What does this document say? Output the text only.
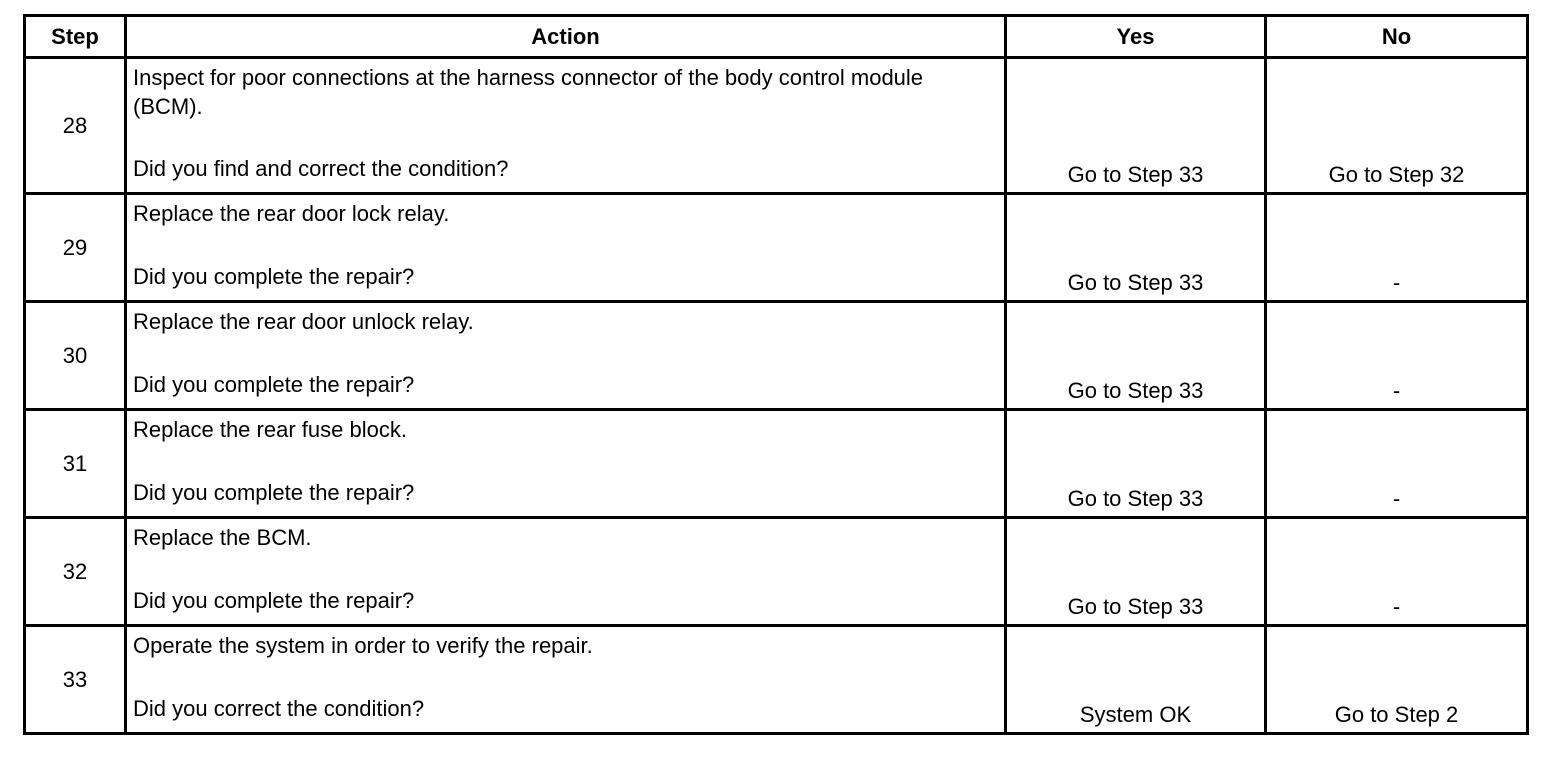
Step	Action	Yes	No
28	Inspect for poor connections at the harness connector of the body control module (BCM).
Did you find and correct the condition?	Go to Step 33	Go to Step 32

29	Replace the rear door lock relay.
Did you complete the repair?	Go to Step 33	-

30	Replace the rear door unlock relay.
Did you complete the repair?	Go to Step 33	-

31	Replace the rear fuse block.
Did you complete the repair?	Go to Step 33	-

32	Replace the BCM.
Did you complete the repair?	Go to Step 33	-

33	Operate the system in order to verify the repair.
Did you correct the condition?	System OK	Go to Step 2
